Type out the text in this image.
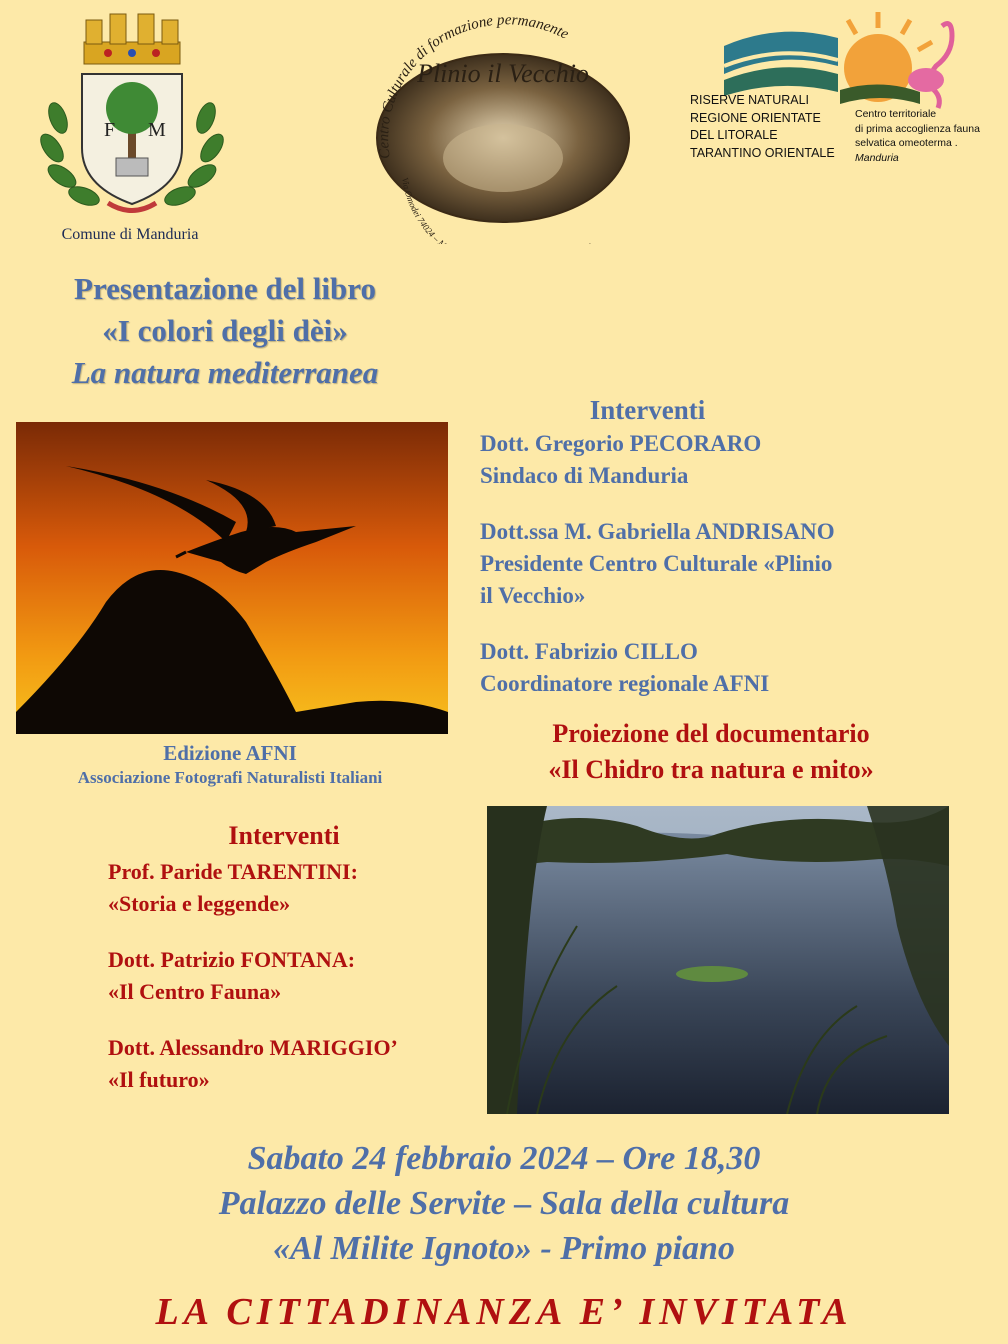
F M
Comune di Manduria
Centro Culturale di formazione permanente
Plinio il Vecchio
Via Omodei 74024 –
RISERVE NATURALI
REGIONE ORIENTATE
DEL LITORALE
TARANTINO ORIENTALE
Centro territoriale
di prima accoglienza fauna
selvatica omeoterma .
Manduria
Presentazione del libro
«I colori degli dèi»
La natura mediterranea
Edizione AFNI
Associazione Fotografi Naturalisti Italiani
Interventi
Dott. Gregorio PECORARO
Sindaco di Manduria
Dott.ssa M. Gabriella ANDRISANO
Presidente Centro Culturale «Plinio
il Vecchio»
Dott. Fabrizio CILLO
Coordinatore regionale AFNI
Proiezione del documentario
«Il Chidro tra natura e mito»
Interventi
Prof. Paride TARENTINI:
«Storia e leggende»
Dott. Patrizio FONTANA:
«Il Centro Fauna»
Dott. Alessandro MARIGGIO’
«Il futuro»
Sabato 24 febbraio 2024 – Ore 18,30
Palazzo delle Servite – Sala della cultura
«Al Milite Ignoto» - Primo piano
LA CITTADINANZA E’ INVITATA
